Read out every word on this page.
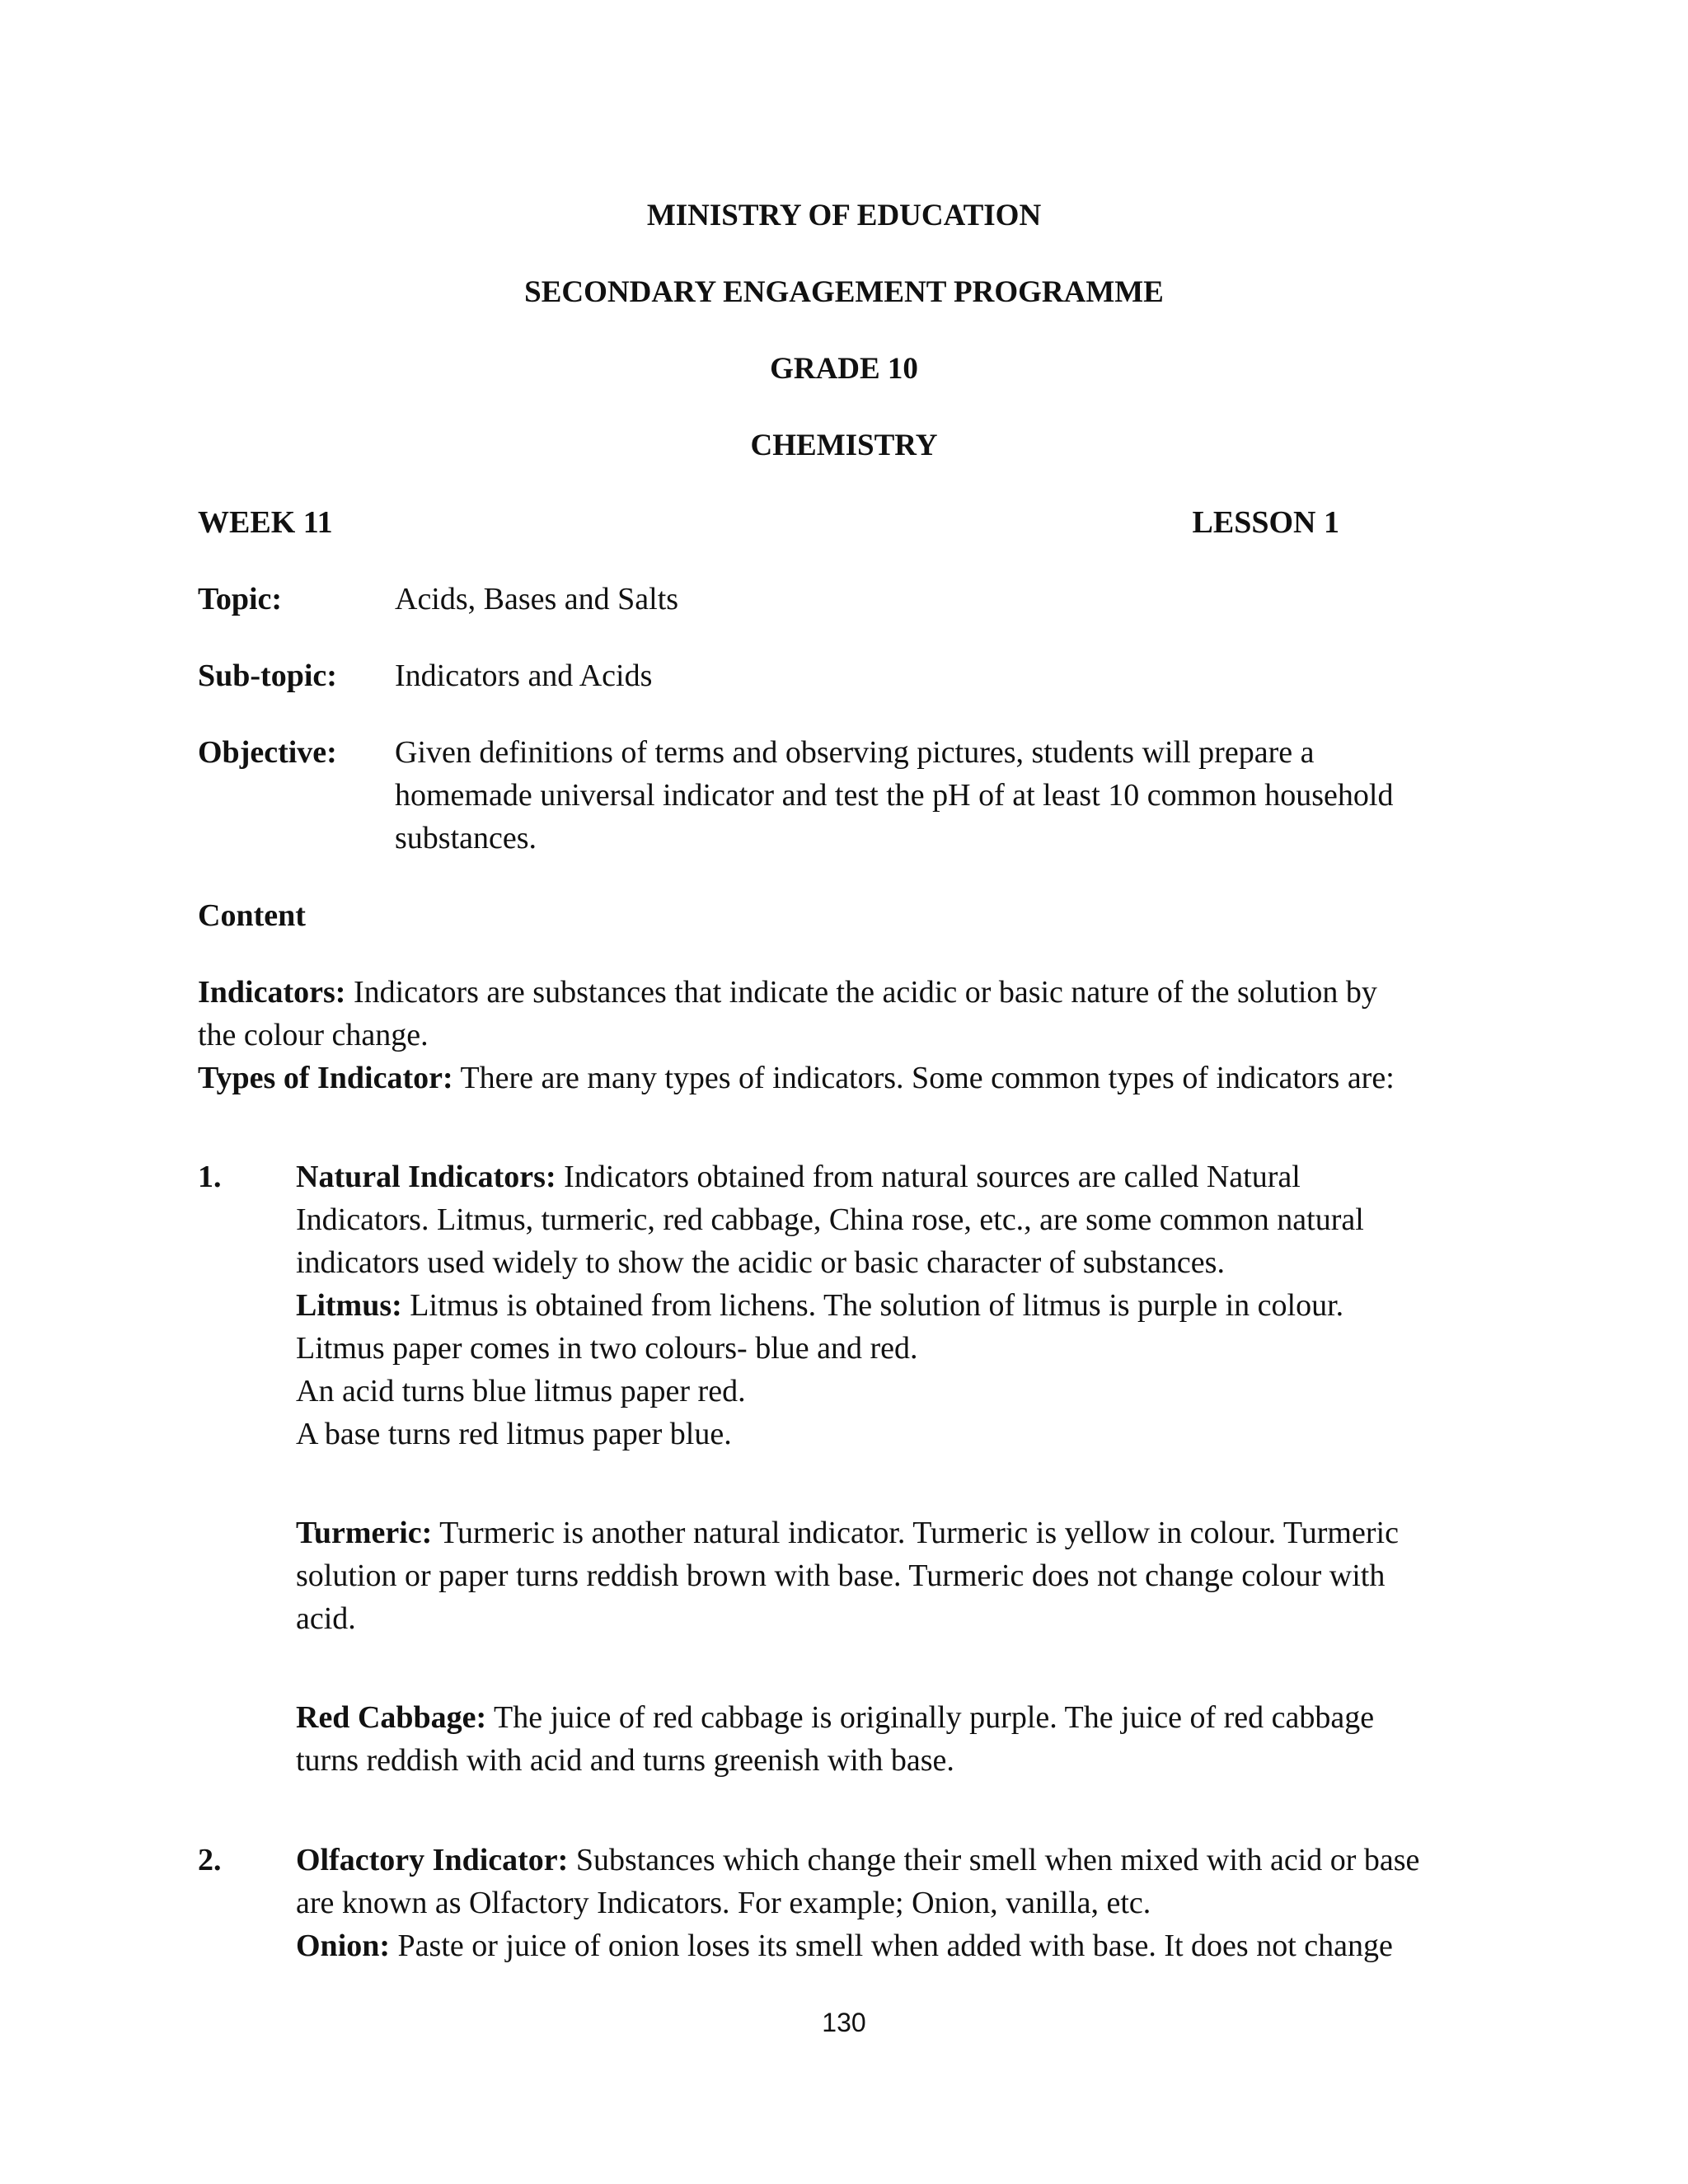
MINISTRY OF EDUCATION
SECONDARY ENGAGEMENT PROGRAMME
GRADE 10
CHEMISTRY
WEEK 11	LESSON 1
Topic:	Acids, Bases and Salts
Sub-topic: Indicators and Acids
Objective: Given definitions of terms and observing pictures, students will prepare a
homemade universal indicator and test the pH of at least 10 common household
substances.
Content
Indicators: Indicators are substances that indicate the acidic or basic nature of the solution by
the colour change.
Types of Indicator: There are many types of indicators. Some common types of indicators are:
1. Natural Indicators: Indicators obtained from natural sources are called Natural
Indicators. Litmus, turmeric, red cabbage, China rose, etc., are some common natural
indicators used widely to show the acidic or basic character of substances.
Litmus: Litmus is obtained from lichens. The solution of litmus is purple in colour.
Litmus paper comes in two colours- blue and red.
An acid turns blue litmus paper red.
A base turns red litmus paper blue.
Turmeric: Turmeric is another natural indicator. Turmeric is yellow in colour. Turmeric
solution or paper turns reddish brown with base. Turmeric does not change colour with
acid.
Red Cabbage: The juice of red cabbage is originally purple. The juice of red cabbage
turns reddish with acid and turns greenish with base.
2. Olfactory Indicator: Substances which change their smell when mixed with acid or base
are known as Olfactory Indicators. For example; Onion, vanilla, etc.
Onion: Paste or juice of onion loses its smell when added with base. It does not change
130
